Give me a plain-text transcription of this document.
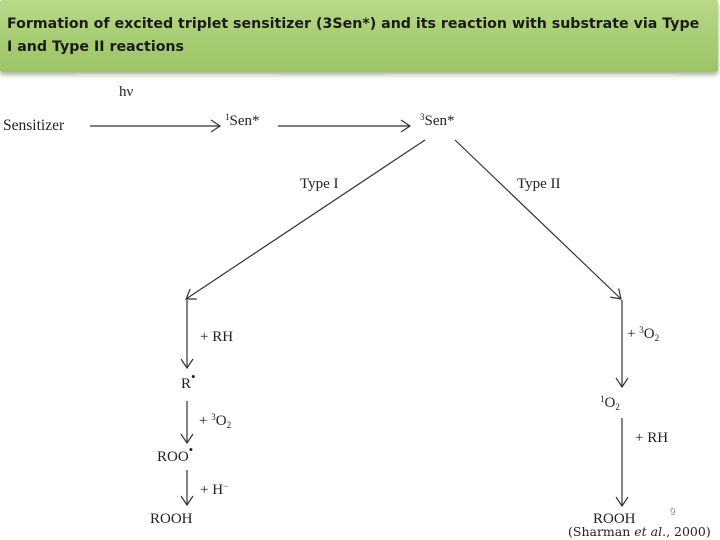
Formation of excited triplet sensitizer (3Sen*) and its reaction with substrate via Type I and Type II reactions
hν
Sensitizer	$^1$Sen*	$^3$Sen*
Type I	Type II
+ RH
R•
+ $^3O_2$
ROO•
+ H−
ROOH
+ $^3O_2$
$^1O_2$
+ RH
ROOH	9
(Sharman et al., 2000)
